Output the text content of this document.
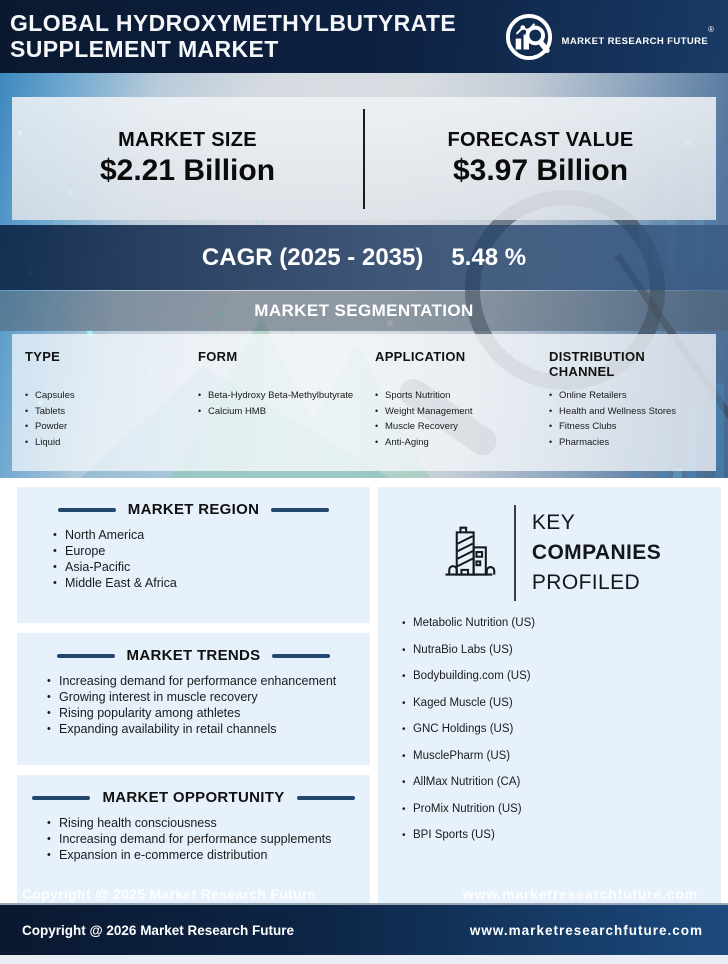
GLOBAL HYDROXYMETHYLBUTYRATE
SUPPLEMENT MARKET	MARKET RESEARCH FUTURE®
MARKET SIZE
$2.21 Billion
FORECAST VALUE
$3.97 Billion
CAGR (2025 - 2035) 5.48 %
MARKET SEGMENTATION
TYPE
• Capsules
• Tablets
• Powder
• Liquid
FORM
• Beta-Hydroxy Beta-Methylbutyrate
• Calcium HMB
APPLICATION
• Sports Nutrition
• Weight Management
• Muscle Recovery
• Anti-Aging
DISTRIBUTION CHANNEL
• Online Retailers
• Health and Wellness Stores
• Fitness Clubs
• Pharmacies
MARKET REGION
• North America
• Europe
• Asia-Pacific
• Middle East & Africa
MARKET TRENDS
• Increasing demand for performance enhancement
• Growing interest in muscle recovery
• Rising popularity among athletes
• Expanding availability in retail channels
MARKET OPPORTUNITY
• Rising health consciousness
• Increasing demand for performance supplements
• Expansion in e-commerce distribution
KEY
COMPANIES
PROFILED
• Metabolic Nutrition (US)
• NutraBio Labs (US)
• Bodybuilding.com (US)
• Kaged Muscle (US)
• GNC Holdings (US)
• MusclePharm (US)
• AllMax Nutrition (CA)
• ProMix Nutrition (US)
• BPI Sports (US)
Copyright @ 2025 Market Research Future	www.marketresearchfuture.com
Copyright @ 2026 Market Research Future	www.marketresearchfuture.com
